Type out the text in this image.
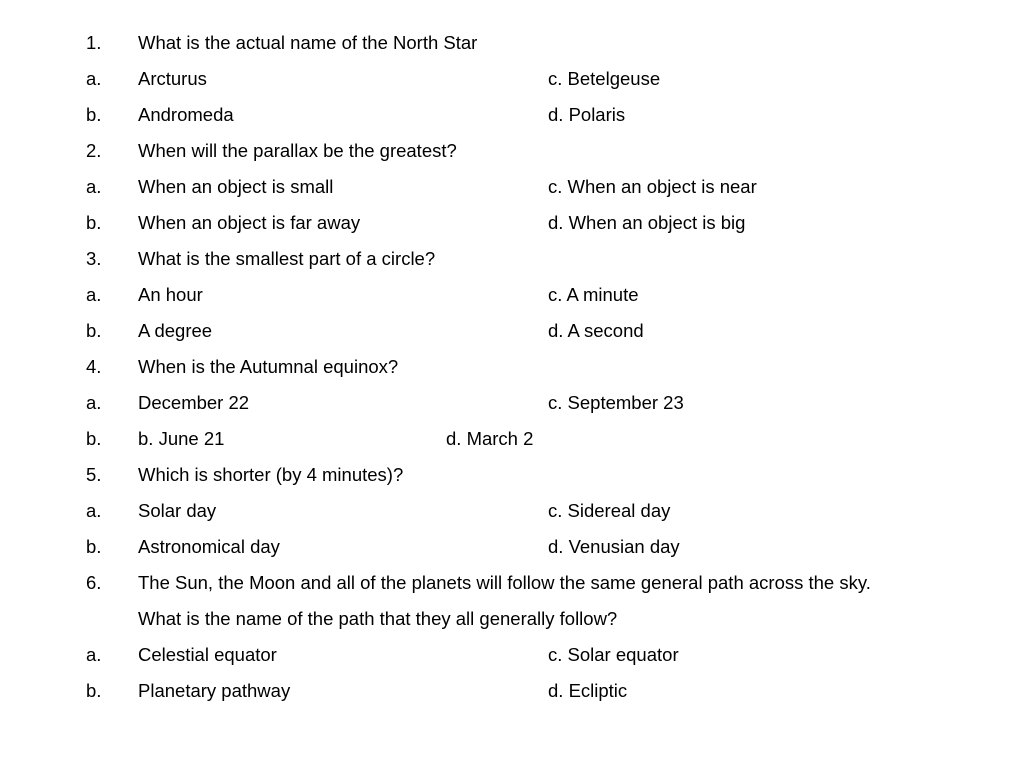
1. What is the actual name of the North Star
a. Arcturus	c. Betelgeuse
b. Andromeda	d. Polaris
2. When will the parallax be the greatest?
a. When an object is small	c. When an object is near
b. When an object is far away	d. When an object is big
3. What is the smallest part of a circle?
a. An hour	c. A minute
b. A degree	d. A second
4. When is the Autumnal equinox?
a. December 22	c. September 23
b. b. June 21	d. March 2
5. Which is shorter (by 4 minutes)?
a. Solar day	c. Sidereal day
b. Astronomical day	d. Venusian day
6. The Sun, the Moon and all of the planets will follow the same general path across the sky.
What is the name of the path that they all generally follow?
a. Celestial equator	c. Solar equator
b. Planetary pathway	d. Ecliptic
